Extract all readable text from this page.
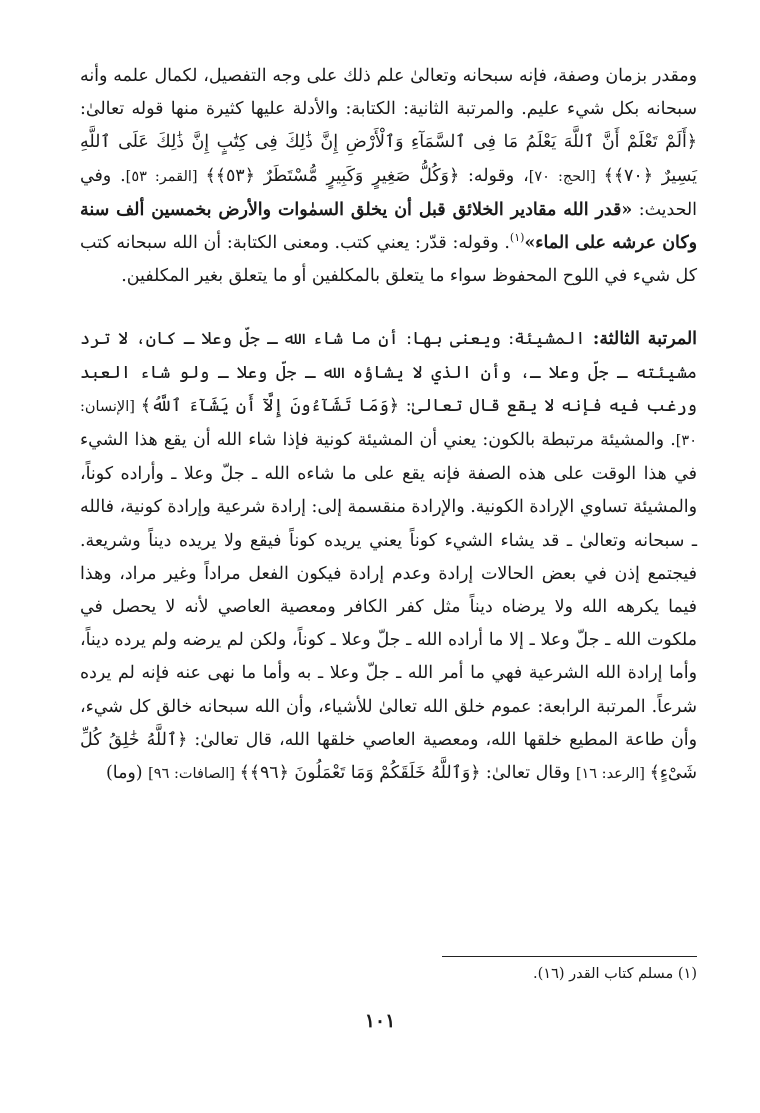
ومقدر بزمان وصفة، فإنه سبحانه وتعالىٰ علم ذلك على وجه التفصيل، لكمال علمه وأنه سبحانه بكل شيء عليم. والمرتبة الثانية: الكتابة: والأدلة عليها كثيرة منها قوله تعالىٰ: ﴿أَلَمْ تَعْلَمْ أَنَّ ٱللَّهَ يَعْلَمُ مَا فِى ٱلسَّمَآءِ وَٱلْأَرْضِ إِنَّ ذَٰلِكَ فِى كِتَٰبٍ إِنَّ ذَٰلِكَ عَلَى ٱللَّهِ يَسِيرٌ ﴿٧٠﴾﴾ [الحج: ٧٠]، وقوله: ﴿وَكُلُّ صَغِيرٍ وَكَبِيرٍ مُّسْتَطَرٌ ﴿٥٣﴾﴾ [القمر: ٥٣]. وفي الحديث: «قدر الله مقادير الخلائق قبل أن يخلق السمٰوات والأرض بخمسين ألف سنة وكان عرشه على الماء»$^{(١)}$. وقوله: قدّر: يعني كتب. ومعنى الكتابة: أن الله سبحانه كتب كل شيء في اللوح المحفوظ سواء ما يتعلق بالمكلفين أو ما يتعلق بغير المكلفين.

المرتبة الثالثة: المشيئة: ويعنى بها: أن ما شاء الله ـ جلّ وعلا ـ كان، لا ترد مشيئته ـ جلّ وعلا ـ، وأن الذي لا يشاؤه الله ـ جلّ وعلا ـ ولو شاء العبد ورغب فيه فإنه لا يقع قال تعالىٰ: ﴿وَمَا تَشَآءُونَ إِلَّآ أَن يَشَآءَ ٱللَّهُ﴾ [الإنسان: ٣٠]. والمشيئة مرتبطة بالكون: يعني أن المشيئة كونية فإذا شاء الله أن يقع هذا الشيء في هذا الوقت على هذه الصفة فإنه يقع على ما شاءه الله ـ جلّ وعلا ـ وأراده كوناً، والمشيئة تساوي الإرادة الكونية. والإرادة منقسمة إلى: إرادة شرعية وإرادة كونية، فالله ـ سبحانه وتعالىٰ ـ قد يشاء الشيء كوناً يعني يريده كوناً فيقع ولا يريده ديناً وشريعة. فيجتمع إذن في بعض الحالات إرادة وعدم إرادة فيكون الفعل مراداً وغير مراد، وهذا فيما يكرهه الله ولا يرضاه ديناً مثل كفر الكافر ومعصية العاصي لأنه لا يحصل في ملكوت الله ـ جلّ وعلا ـ إلا ما أراده الله ـ جلّ وعلا ـ كوناً، ولكن لم يرضه ولم يرده ديناً، وأما إرادة الله الشرعية فهي ما أمر الله ـ جلّ وعلا ـ به وأما ما نهى عنه فإنه لم يرده شرعاً. المرتبة الرابعة: عموم خلق الله تعالىٰ للأشياء، وأن الله سبحانه خالق كل شيء، وأن طاعة المطيع خلقها الله، ومعصية العاصي خلقها الله، قال تعالىٰ: ﴿ٱللَّهُ خَٰلِقُ كُلِّ شَىْءٍ﴾ [الرعد: ١٦] وقال تعالىٰ: ﴿وَٱللَّهُ خَلَقَكُمْ وَمَا تَعْمَلُونَ ﴿٩٦﴾﴾ [الصافات: ٩٦] (وما)

(١) مسلم كتاب القدر (١٦).
١٠١
